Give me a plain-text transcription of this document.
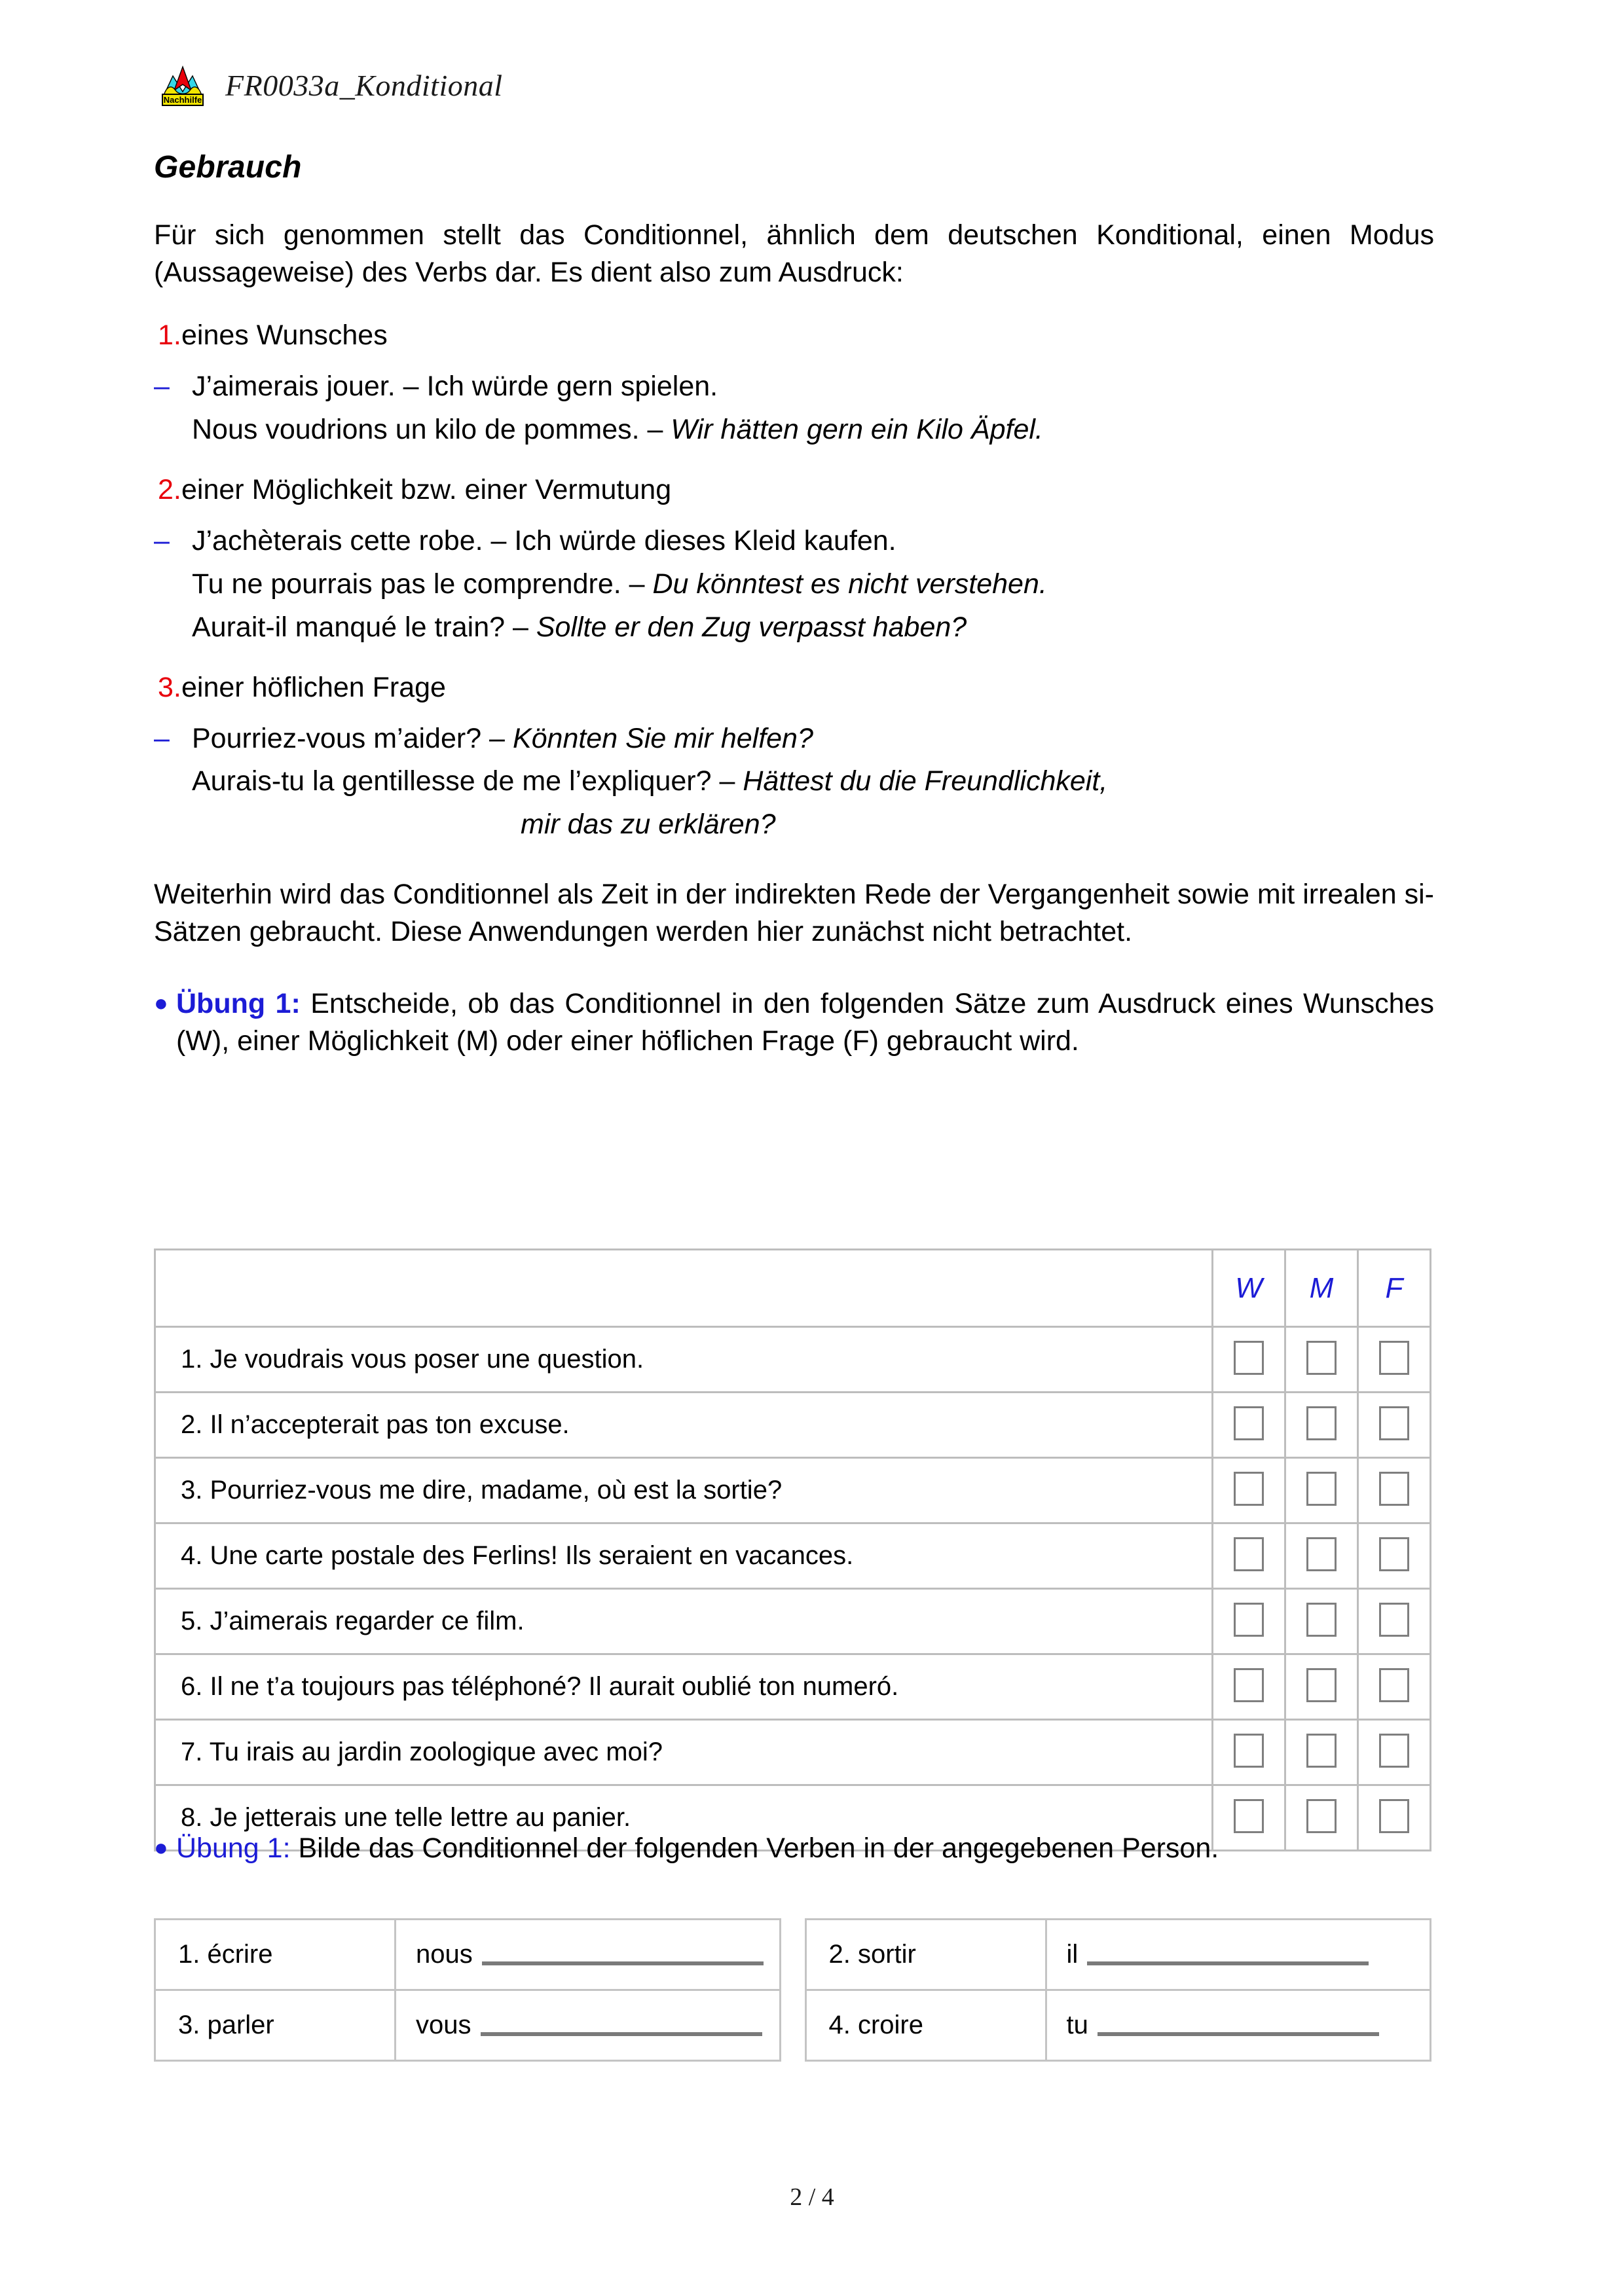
Nachhilfe FR0033a_Konditional
Gebrauch

Für sich genommen stellt das Conditionnel, ähnlich dem deutschen Konditional, einen Modus (Aussageweise) des Verbs dar. Es dient also zum Ausdruck:

1. eines Wunsches
– J’aimerais jouer. – Ich würde gern spielen.
Nous voudrions un kilo de pommes. – Wir hätten gern ein Kilo Äpfel.
2. einer Möglichkeit bzw. einer Vermutung
– J’achèterais cette robe. – Ich würde dieses Kleid kaufen.
Tu ne pourrais pas le comprendre. – Du könntest es nicht verstehen.
Aurait-il manqué le train? – Sollte er den Zug verpasst haben?
3. einer höflichen Frage
– Pourriez-vous m’aider? – Könnten Sie mir helfen?
Aurais-tu la gentillesse de me l’expliquer? – Hättest du die Freundlichkeit,
mir das zu erklären?

Weiterhin wird das Conditionnel als Zeit in der indirekten Rede der Vergangenheit sowie mit irrealen si-Sätzen gebraucht. Diese Anwendungen werden hier zunächst nicht betrachtet.

● Übung 1: Entscheide, ob das Conditionnel in den folgenden Sätze zum Ausdruck eines Wunsches (W), einer Möglichkeit (M) oder einer höflichen Frage (F) gebraucht wird.

	W	M	F
1. Je voudrais vous poser une question.			
2. Il n’accepterait pas ton excuse.			
3. Pourriez-vous me dire, madame, où est la sortie?			
4. Une carte postale des Ferlins! Ils seraient en vacances.			
5. J’aimerais regarder ce film.			
6. Il ne t’a toujours pas téléphoné? Il aurait oublié ton numeró.			
7. Tu irais au jardin zoologique avec moi?			
8. Je jetterais une telle lettre au panier.			

● Übung 1: Bilde das Conditionnel der folgenden Verben in der angegebenen Person.

1. écrire	nous
3. parler	vous
2. sortir	il
4. croire	tu
2 / 4
